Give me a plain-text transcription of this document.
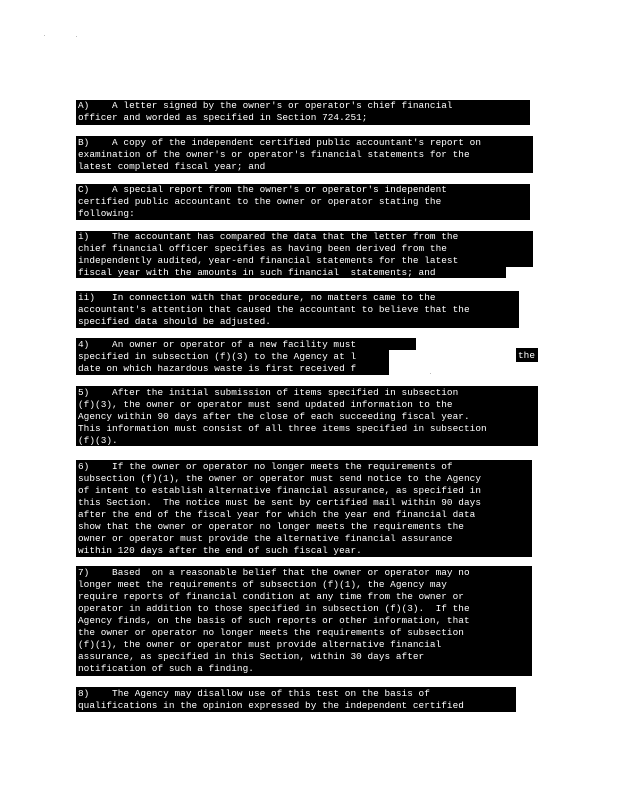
A)    A letter signed by the owner's or operator's chief financial
officer and worded as specified in Section 724.251;
B)    A copy of the independent certified public accountant's report on
examination of the owner's or operator's financial statements for the
latest completed fiscal year; and
C)    A special report from the owner's or operator's independent
certified public accountant to the owner or operator stating the
following:
i)    The accountant has compared the data that the letter from the
chief financial officer specifies as having been derived from the
independently audited, year-end financial statements for the latest
fiscal year with the amounts in such financial  statements; and
ii)   In connection with that procedure, no matters came to the
accountant's attention that caused the accountant to believe that the
specified data should be adjusted.
4)    An owner or operator of a new facility must
specified in subsection (f)(3) to the Agency at l
date on which hazardous waste is first received f
the
5)    After the initial submission of items specified in subsection
(f)(3), the owner or operator must send updated information to the
Agency within 90 days after the close of each succeeding fiscal year.
This information must consist of all three items specified in subsection
(f)(3).
6)    If the owner or operator no longer meets the requirements of
subsection (f)(1), the owner or operator must send notice to the Agency
of intent to establish alternative financial assurance, as specified in
this Section.  The notice must be sent by certified mail within 90 days
after the end of the fiscal year for which the year end financial data
show that the owner or operator no longer meets the requirements the
owner or operator must provide the alternative financial assurance
within 120 days after the end of such fiscal year.
7)    Based  on a reasonable belief that the owner or operator may no
longer meet the requirements of subsection (f)(1), the Agency may
require reports of financial condition at any time from the owner or
operator in addition to those specified in subsection (f)(3).  If the
Agency finds, on the basis of such reports or other information, that
the owner or operator no longer meets the requirements of subsection
(f)(1), the owner or operator must provide alternative financial
assurance, as specified in this Section, within 30 days after
notification of such a finding.
8)    The Agency may disallow use of this test on the basis of
qualifications in the opinion expressed by the independent certified
